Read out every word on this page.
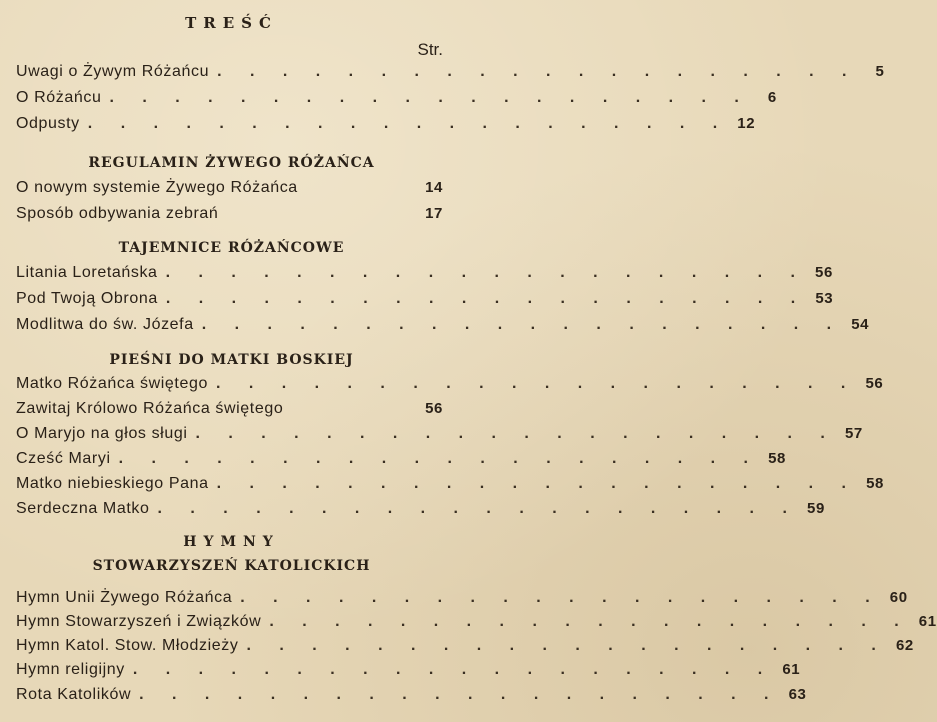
TREŚĆ
Str.
Uwagi o Żywym Różańcu . . . . . . . . . . . . . . . . . . . .	5
O Różańcu . . . . . . . . . . . . . . . . . . . .	6
Odpusty . . . . . . . . . . . . . . . . . . . . 12
REGULAMIN ŻYWEGO RÓŻAŃCA
O nowym systemie Żywego Różańca	14
Sposób odbywania zebrań	17
TAJEMNICE RÓŻAŃCOWE
Litania Loretańska . . . . . . . . . . . . . . . . . . . . 56
Pod Twoją Obrona . . . . . . . . . . . . . . . . . . . . 53
Modlitwa do św. Józefa . . . . . . . . . . . . . . . . . . . . 54
PIEŚNI DO MATKI BOSKIEJ
Matko Różańca świętego . . . . . . . . . . . . . . . . . . . . 56
Zawitaj Królowo Różańca świętego	56
O Maryjo na głos sługi . . . . . . . . . . . . . . . . . . . . 57
Cześć Maryi . . . . . . . . . . . . . . . . . . . . 58
Matko niebieskiego Pana . . . . . . . . . . . . . . . . . . . . 58
Serdeczna Matko . . . . . . . . . . . . . . . . . . . . 59
HYMNY
STOWARZYSZEŃ KATOLICKICH
Hymn Unii Żywego Różańca . . . . . . . . . . . . . . . . . . . . 60
Hymn Stowarzyszeń i Związków . . . . . . . . . . . . . . . . . . . . 61
Hymn Katol. Stow. Młodzieży . . . . . . . . . . . . . . . . . . . . 62
Hymn religijny . . . . . . . . . . . . . . . . . . . . 61
Rota Katolików . . . . . . . . . . . . . . . . . . . . 63
